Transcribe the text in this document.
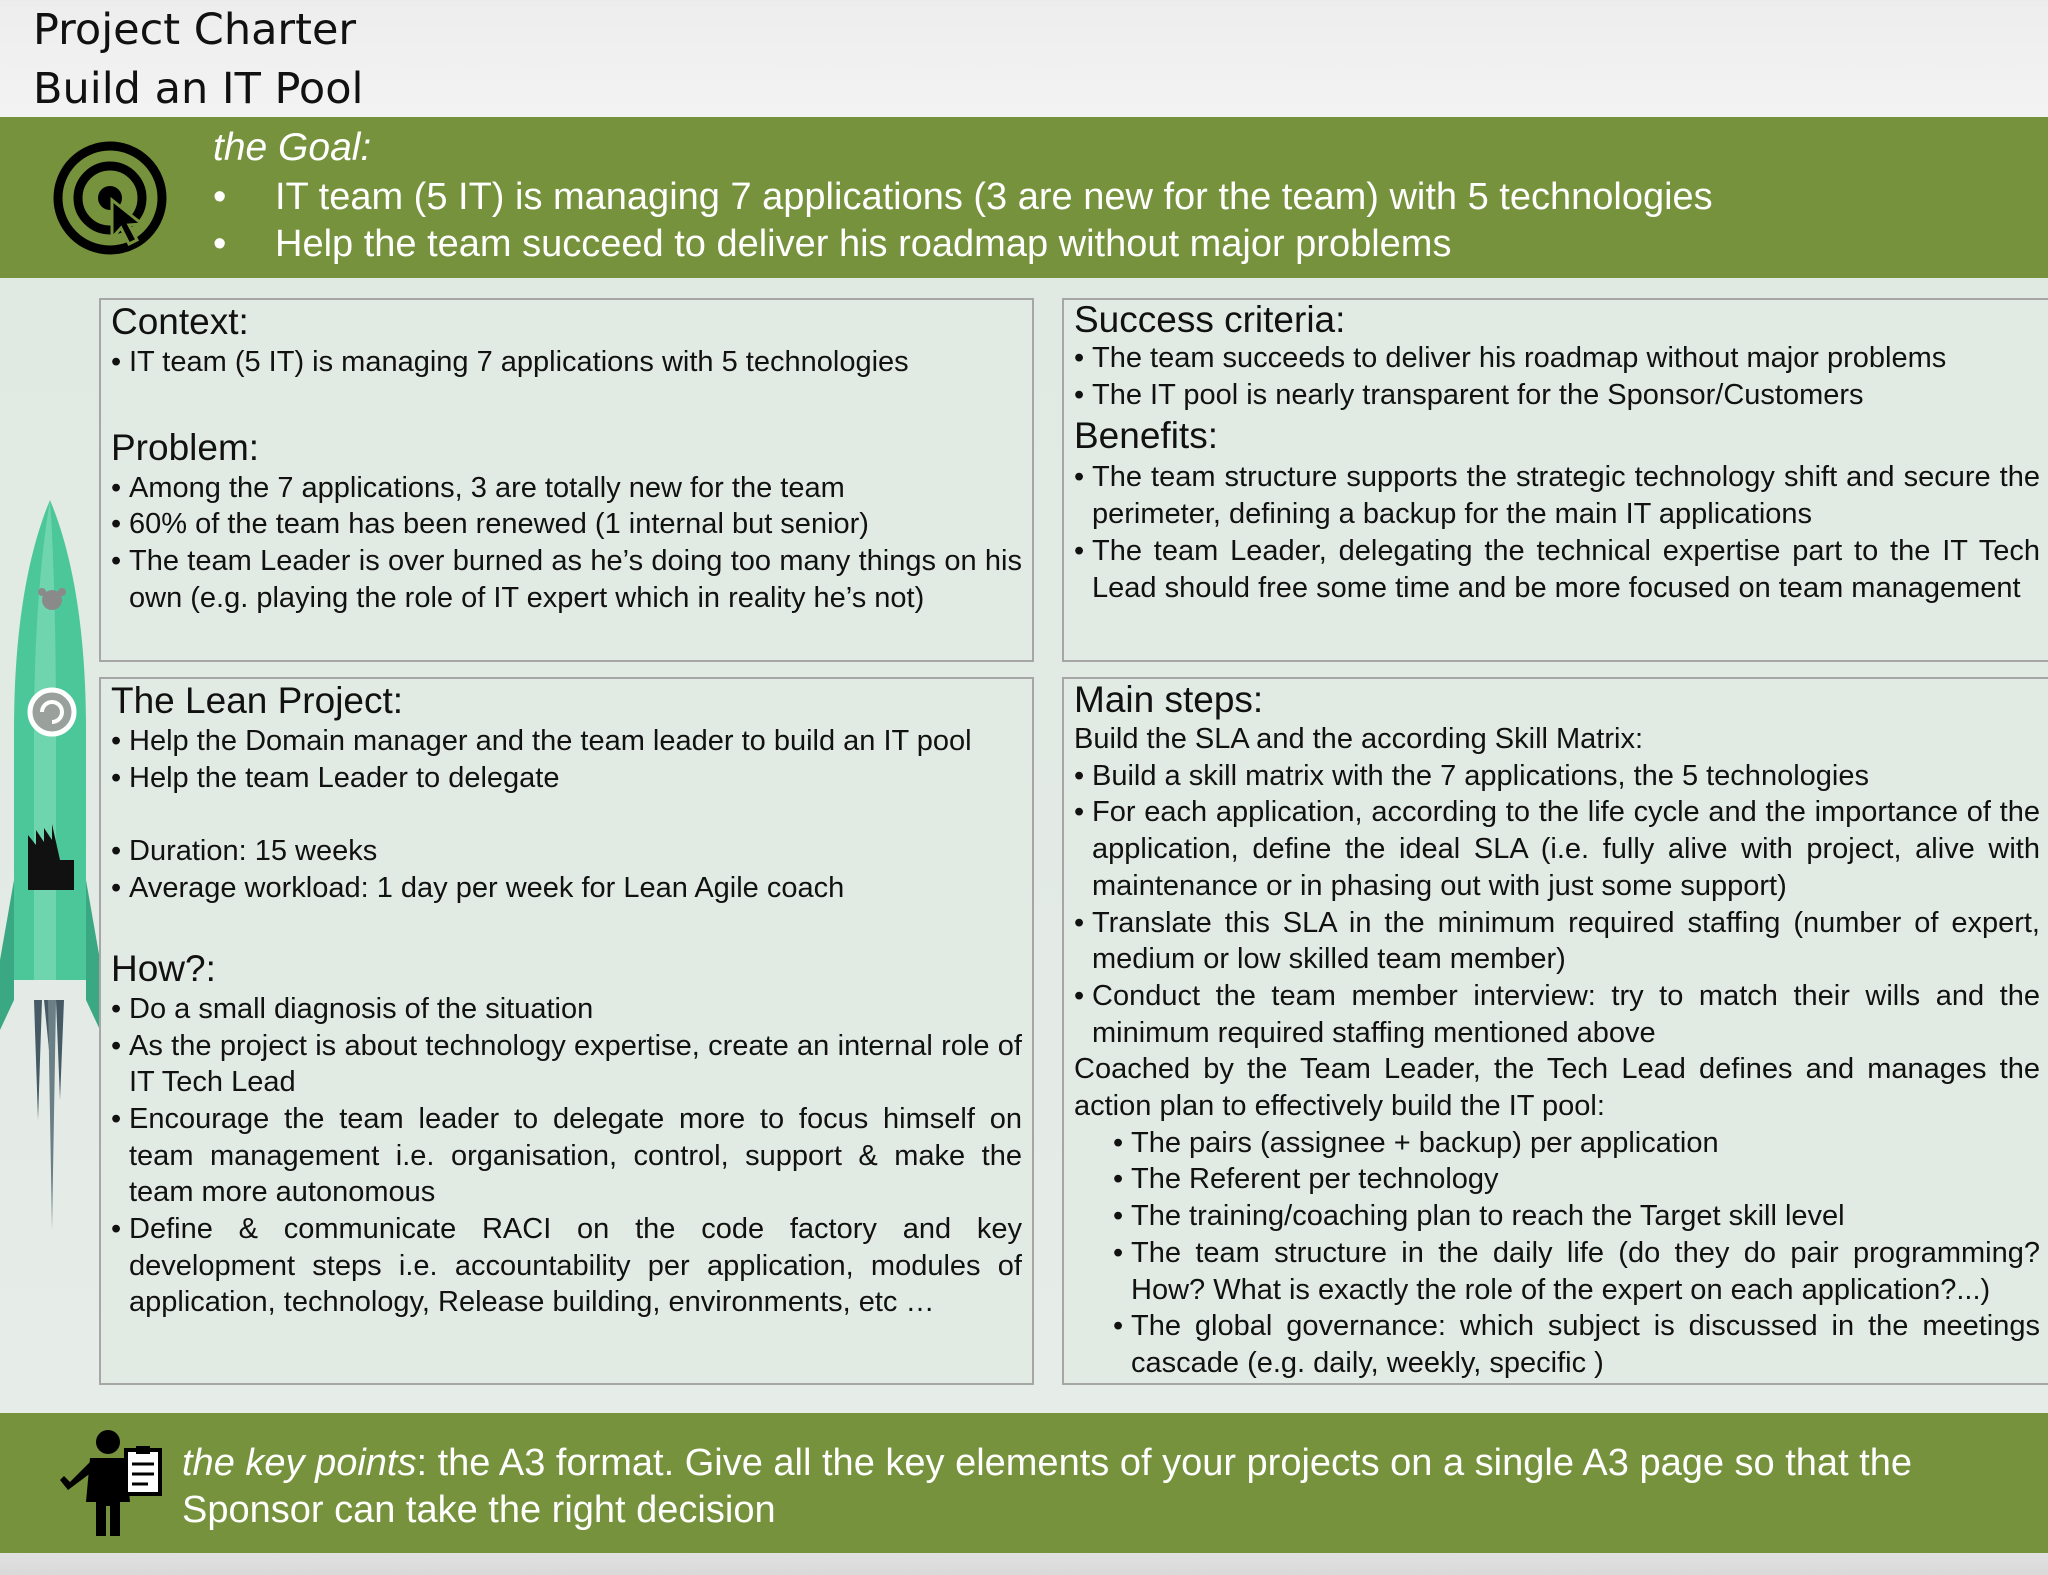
Project Charter
Build an IT Pool
the Goal:
• IT team (5 IT) is managing 7 applications (3 are new for the team) with 5 technologies
• Help the team succeed to deliver his roadmap without major problems
Context:
• IT team (5 IT) is managing 7 applications with 5 technologies
Problem:
• Among the 7 applications, 3 are totally new for the team
• 60% of the team has been renewed (1 internal but senior)
• The team Leader is over burned as he’s doing too many things on his own (e.g. playing the role of IT expert which in reality he’s not)
Success criteria:
• The team succeeds to deliver his roadmap without major problems
• The IT pool is nearly transparent for the Sponsor/Customers
Benefits:
• The team structure supports the strategic technology shift and secure the perimeter, defining a backup for the main IT applications
• The team Leader, delegating the technical expertise part to the IT Tech Lead should free some time and be more focused on team management
The Lean Project:
• Help the Domain manager and the team leader to build an IT pool
• Help the team Leader to delegate
• Duration: 15 weeks
• Average workload: 1 day per week for Lean Agile coach
How?:
• Do a small diagnosis of the situation
• As the project is about technology expertise, create an internal role of IT Tech Lead
• Encourage the team leader to delegate more to focus himself on team management i.e. organisation, control, support & make the team more autonomous
• Define & communicate RACI on the code factory and key development steps i.e. accountability per application, modules of application, technology, Release building, environments, etc …
Main steps:
Build the SLA and the according Skill Matrix:
• Build a skill matrix with the 7 applications, the 5 technologies
• For each application, according to the life cycle and the importance of the application, define the ideal SLA (i.e. fully alive with project, alive with maintenance or in phasing out with just some support)
• Translate this SLA in the minimum required staffing (number of expert, medium or low skilled team member)
• Conduct the team member interview: try to match their wills and the minimum required staffing mentioned above
Coached by the Team Leader, the Tech Lead defines and manages the action plan to effectively build the IT pool:
• The pairs (assignee + backup) per application
• The Referent per technology
• The training/coaching plan to reach the Target skill level
• The team structure in the daily life (do they do pair programming? How? What is exactly the role of the expert on each application?...)
• The global governance: which subject is discussed in the meetings cascade (e.g. daily, weekly, specific )
the key points: the A3 format. Give all the key elements of your projects on a single A3 page so that the Sponsor can take the right decision
